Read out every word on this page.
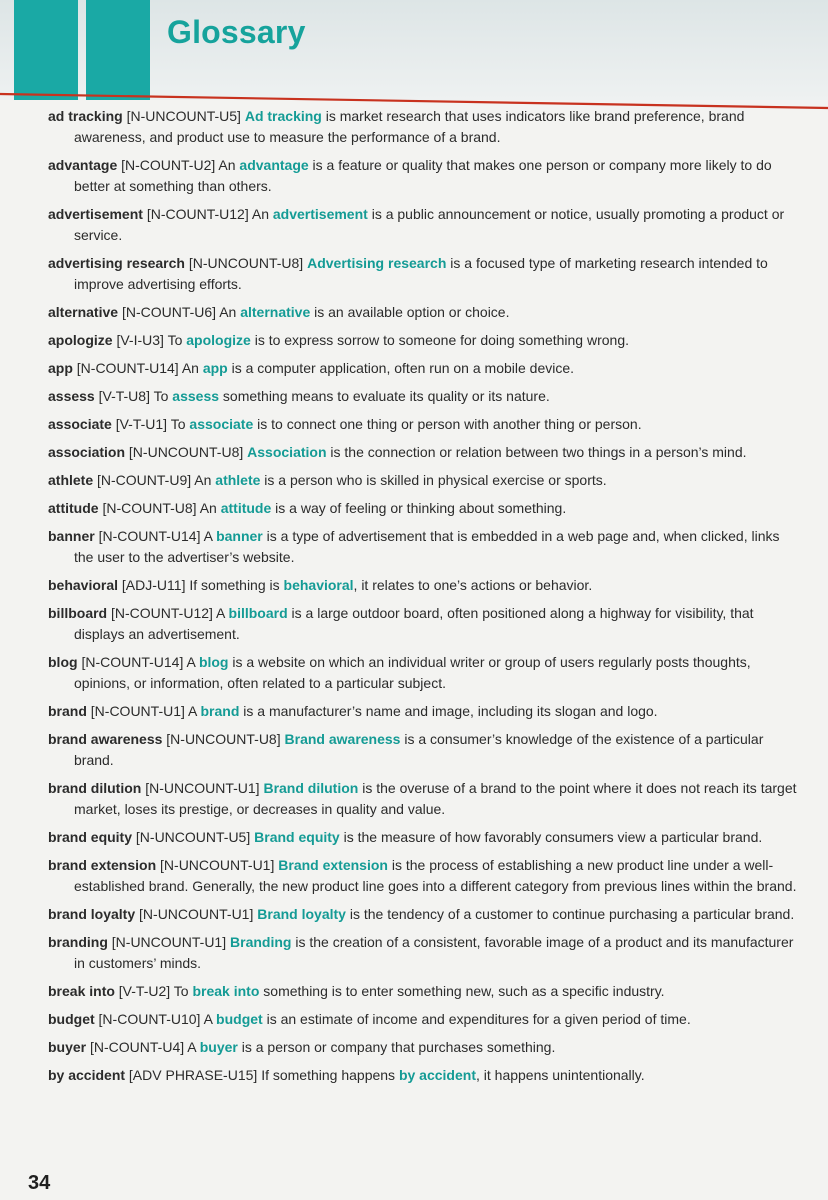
Glossary
ad tracking [N-UNCOUNT-U5] Ad tracking is market research that uses indicators like brand preference, brand awareness, and product use to measure the performance of a brand.
advantage [N-COUNT-U2] An advantage is a feature or quality that makes one person or company more likely to do better at something than others.
advertisement [N-COUNT-U12] An advertisement is a public announcement or notice, usually promoting a product or service.
advertising research [N-UNCOUNT-U8] Advertising research is a focused type of marketing research intended to improve advertising efforts.
alternative [N-COUNT-U6] An alternative is an available option or choice.
apologize [V-I-U3] To apologize is to express sorrow to someone for doing something wrong.
app [N-COUNT-U14] An app is a computer application, often run on a mobile device.
assess [V-T-U8] To assess something means to evaluate its quality or its nature.
associate [V-T-U1] To associate is to connect one thing or person with another thing or person.
association [N-UNCOUNT-U8] Association is the connection or relation between two things in a person’s mind.
athlete [N-COUNT-U9] An athlete is a person who is skilled in physical exercise or sports.
attitude [N-COUNT-U8] An attitude is a way of feeling or thinking about something.
banner [N-COUNT-U14] A banner is a type of advertisement that is embedded in a web page and, when clicked, links the user to the advertiser’s website.
behavioral [ADJ-U11] If something is behavioral, it relates to one’s actions or behavior.
billboard [N-COUNT-U12] A billboard is a large outdoor board, often positioned along a highway for visibility, that displays an advertisement.
blog [N-COUNT-U14] A blog is a website on which an individual writer or group of users regularly posts thoughts, opinions, or information, often related to a particular subject.
brand [N-COUNT-U1] A brand is a manufacturer’s name and image, including its slogan and logo.
brand awareness [N-UNCOUNT-U8] Brand awareness is a consumer’s knowledge of the existence of a particular brand.
brand dilution [N-UNCOUNT-U1] Brand dilution is the overuse of a brand to the point where it does not reach its target market, loses its prestige, or decreases in quality and value.
brand equity [N-UNCOUNT-U5] Brand equity is the measure of how favorably consumers view a particular brand.
brand extension [N-UNCOUNT-U1] Brand extension is the process of establishing a new product line under a well-established brand. Generally, the new product line goes into a different category from previous lines within the brand.
brand loyalty [N-UNCOUNT-U1] Brand loyalty is the tendency of a customer to continue purchasing a particular brand.
branding [N-UNCOUNT-U1] Branding is the creation of a consistent, favorable image of a product and its manufacturer in customers’ minds.
break into [V-T-U2] To break into something is to enter something new, such as a specific industry.
budget [N-COUNT-U10] A budget is an estimate of income and expenditures for a given period of time.
buyer [N-COUNT-U4] A buyer is a person or company that purchases something.
by accident [ADV PHRASE-U15] If something happens by accident, it happens unintentionally.
34
